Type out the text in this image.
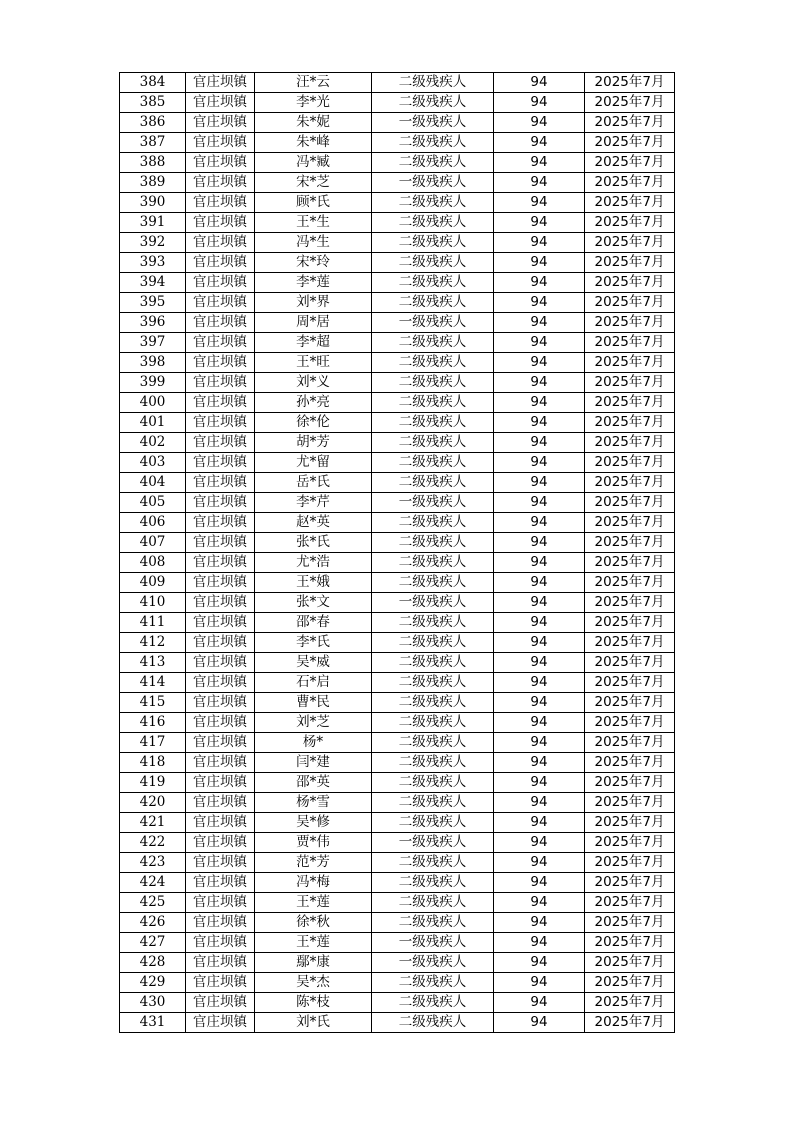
384	官庄坝镇	汪*云	二级残疾人	94	2025年7月
385	官庄坝镇	李*光	二级残疾人	94	2025年7月
386	官庄坝镇	朱*妮	一级残疾人	94	2025年7月
387	官庄坝镇	朱*峰	二级残疾人	94	2025年7月
388	官庄坝镇	冯*臧	二级残疾人	94	2025年7月
389	官庄坝镇	宋*芝	一级残疾人	94	2025年7月
390	官庄坝镇	顾*氏	二级残疾人	94	2025年7月
391	官庄坝镇	王*生	二级残疾人	94	2025年7月
392	官庄坝镇	冯*生	二级残疾人	94	2025年7月
393	官庄坝镇	宋*玲	二级残疾人	94	2025年7月
394	官庄坝镇	李*莲	二级残疾人	94	2025年7月
395	官庄坝镇	刘*界	二级残疾人	94	2025年7月
396	官庄坝镇	周*居	一级残疾人	94	2025年7月
397	官庄坝镇	李*超	二级残疾人	94	2025年7月
398	官庄坝镇	王*旺	二级残疾人	94	2025年7月
399	官庄坝镇	刘*义	二级残疾人	94	2025年7月
400	官庄坝镇	孙*亮	二级残疾人	94	2025年7月
401	官庄坝镇	徐*伦	二级残疾人	94	2025年7月
402	官庄坝镇	胡*芳	二级残疾人	94	2025年7月
403	官庄坝镇	尤*留	二级残疾人	94	2025年7月
404	官庄坝镇	岳*氏	二级残疾人	94	2025年7月
405	官庄坝镇	李*芹	一级残疾人	94	2025年7月
406	官庄坝镇	赵*英	二级残疾人	94	2025年7月
407	官庄坝镇	张*氏	二级残疾人	94	2025年7月
408	官庄坝镇	尤*浩	二级残疾人	94	2025年7月
409	官庄坝镇	王*娥	二级残疾人	94	2025年7月
410	官庄坝镇	张*文	一级残疾人	94	2025年7月
411	官庄坝镇	邵*春	二级残疾人	94	2025年7月
412	官庄坝镇	李*氏	二级残疾人	94	2025年7月
413	官庄坝镇	吴*威	二级残疾人	94	2025年7月
414	官庄坝镇	石*启	二级残疾人	94	2025年7月
415	官庄坝镇	曹*民	二级残疾人	94	2025年7月
416	官庄坝镇	刘*芝	二级残疾人	94	2025年7月
417	官庄坝镇	杨*	二级残疾人	94	2025年7月
418	官庄坝镇	闫*建	二级残疾人	94	2025年7月
419	官庄坝镇	邵*英	二级残疾人	94	2025年7月
420	官庄坝镇	杨*雪	二级残疾人	94	2025年7月
421	官庄坝镇	吴*修	二级残疾人	94	2025年7月
422	官庄坝镇	贾*伟	一级残疾人	94	2025年7月
423	官庄坝镇	范*芳	二级残疾人	94	2025年7月
424	官庄坝镇	冯*梅	二级残疾人	94	2025年7月
425	官庄坝镇	王*莲	二级残疾人	94	2025年7月
426	官庄坝镇	徐*秋	二级残疾人	94	2025年7月
427	官庄坝镇	王*莲	一级残疾人	94	2025年7月
428	官庄坝镇	鄢*康	一级残疾人	94	2025年7月
429	官庄坝镇	吴*杰	二级残疾人	94	2025年7月
430	官庄坝镇	陈*枝	二级残疾人	94	2025年7月
431	官庄坝镇	刘*氏	二级残疾人	94	2025年7月
